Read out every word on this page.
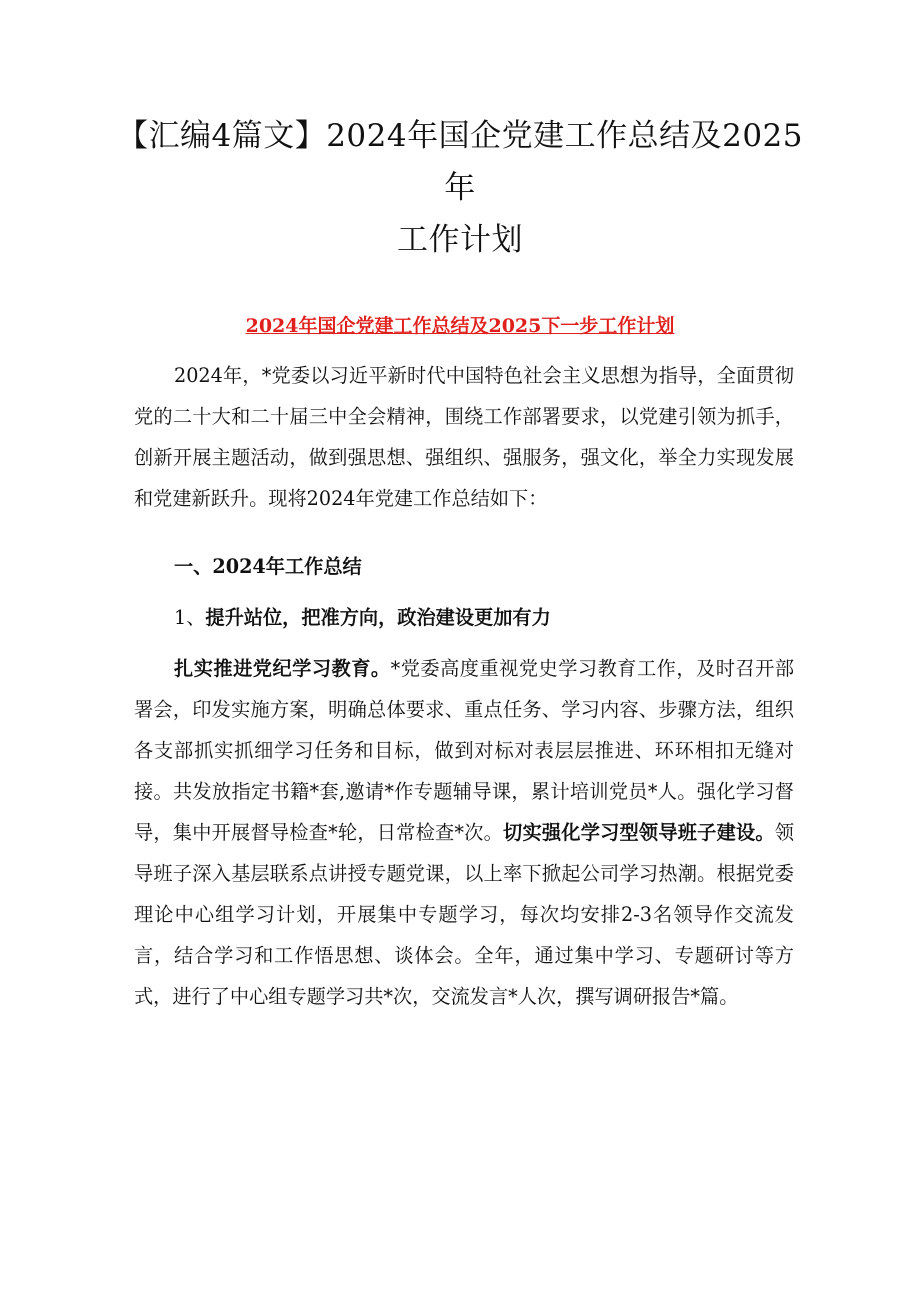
【汇编4篇文】2024年国企党建工作总结及2025年
工作计划
2024年国企党建工作总结及2025下一步工作计划

2024年，*党委以习近平新时代中国特色社会主义思想为指导，全面贯彻党的二十大和二十届三中全会精神，围绕工作部署要求，以党建引领为抓手，创新开展主题活动，做到强思想、强组织、强服务，强文化，举全力实现发展和党建新跃升。现将2024年党建工作总结如下：

一、2024年工作总结
1、提升站位，把准方向，政治建设更加有力

扎实推进党纪学习教育。*党委高度重视党史学习教育工作，及时召开部署会，印发实施方案，明确总体要求、重点任务、学习内容、步骤方法，组织各支部抓实抓细学习任务和目标，做到对标对表层层推进、环环相扣无缝对接。共发放指定书籍*套,邀请*作专题辅导课，累计培训党员*人。强化学习督导，集中开展督导检查*轮，日常检查*次。切实强化学习型领导班子建设。领导班子深入基层联系点讲授专题党课，以上率下掀起公司学习热潮。根据党委理论中心组学习计划，开展集中专题学习，每次均安排2-3名领导作交流发言，结合学习和工作悟思想、谈体会。全年，通过集中学习、专题研讨等方式，进行了中心组专题学习共*次，交流发言*人次，撰写调研报告*篇。
